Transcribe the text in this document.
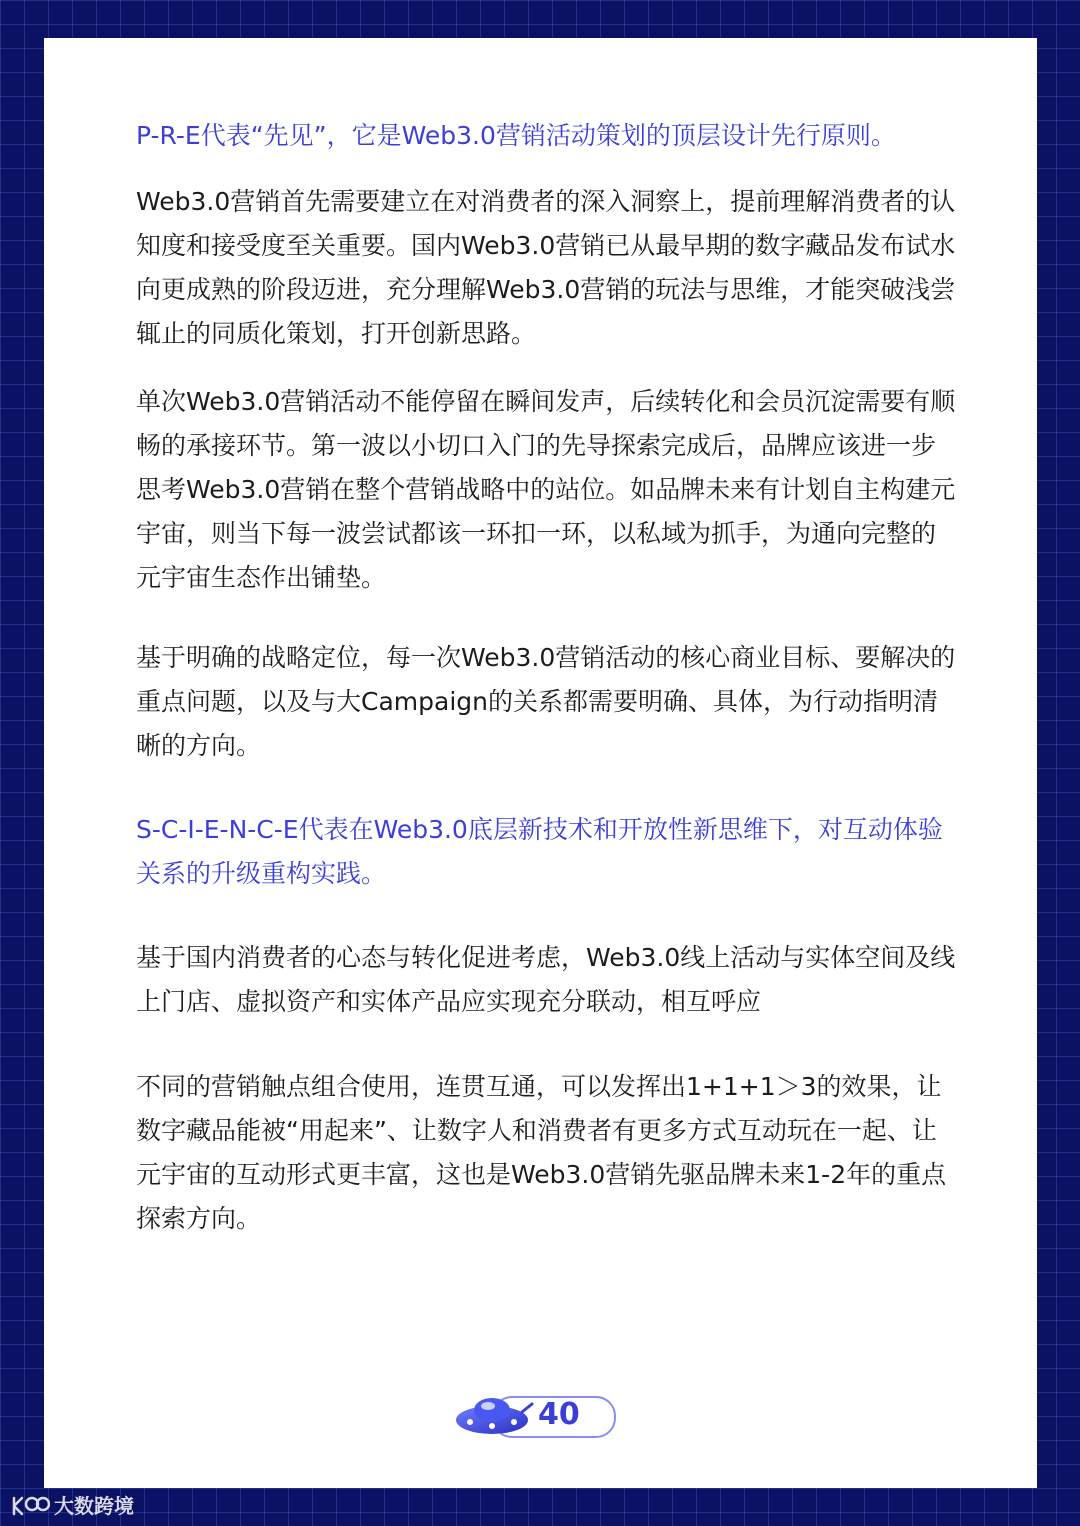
P-R-E代表“先见”，它是Web3.0营销活动策划的顶层设计先行原则。

Web3.0营销首先需要建立在对消费者的深入洞察上，提前理解消费者的认知度和接受度至关重要。国内Web3.0营销已从最早期的数字藏品发布试水向更成熟的阶段迈进，充分理解Web3.0营销的玩法与思维，才能突破浅尝辄止的同质化策划，打开创新思路。

单次Web3.0营销活动不能停留在瞬间发声，后续转化和会员沉淀需要有顺畅的承接环节。第一波以小切口入门的先导探索完成后，品牌应该进一步思考Web3.0营销在整个营销战略中的站位。如品牌未来有计划自主构建元宇宙，则当下每一波尝试都该一环扣一环，以私域为抓手，为通向完整的元宇宙生态作出铺垫。

基于明确的战略定位，每一次Web3.0营销活动的核心商业目标、要解决的重点问题，以及与大Campaign的关系都需要明确、具体，为行动指明清晰的方向。

S-C-I-E-N-C-E代表在Web3.0底层新技术和开放性新思维下，对互动体验关系的升级重构实践。

基于国内消费者的心态与转化促进考虑，Web3.0线上活动与实体空间及线上门店、虚拟资产和实体产品应实现充分联动，相互呼应

不同的营销触点组合使用，连贯互通，可以发挥出1+1+1＞3的效果，让数字藏品能被“用起来”、让数字人和消费者有更多方式互动玩在一起、让元宇宙的互动形式更丰富，这也是Web3.0营销先驱品牌未来1-2年的重点探索方向。

40
大数跨境
